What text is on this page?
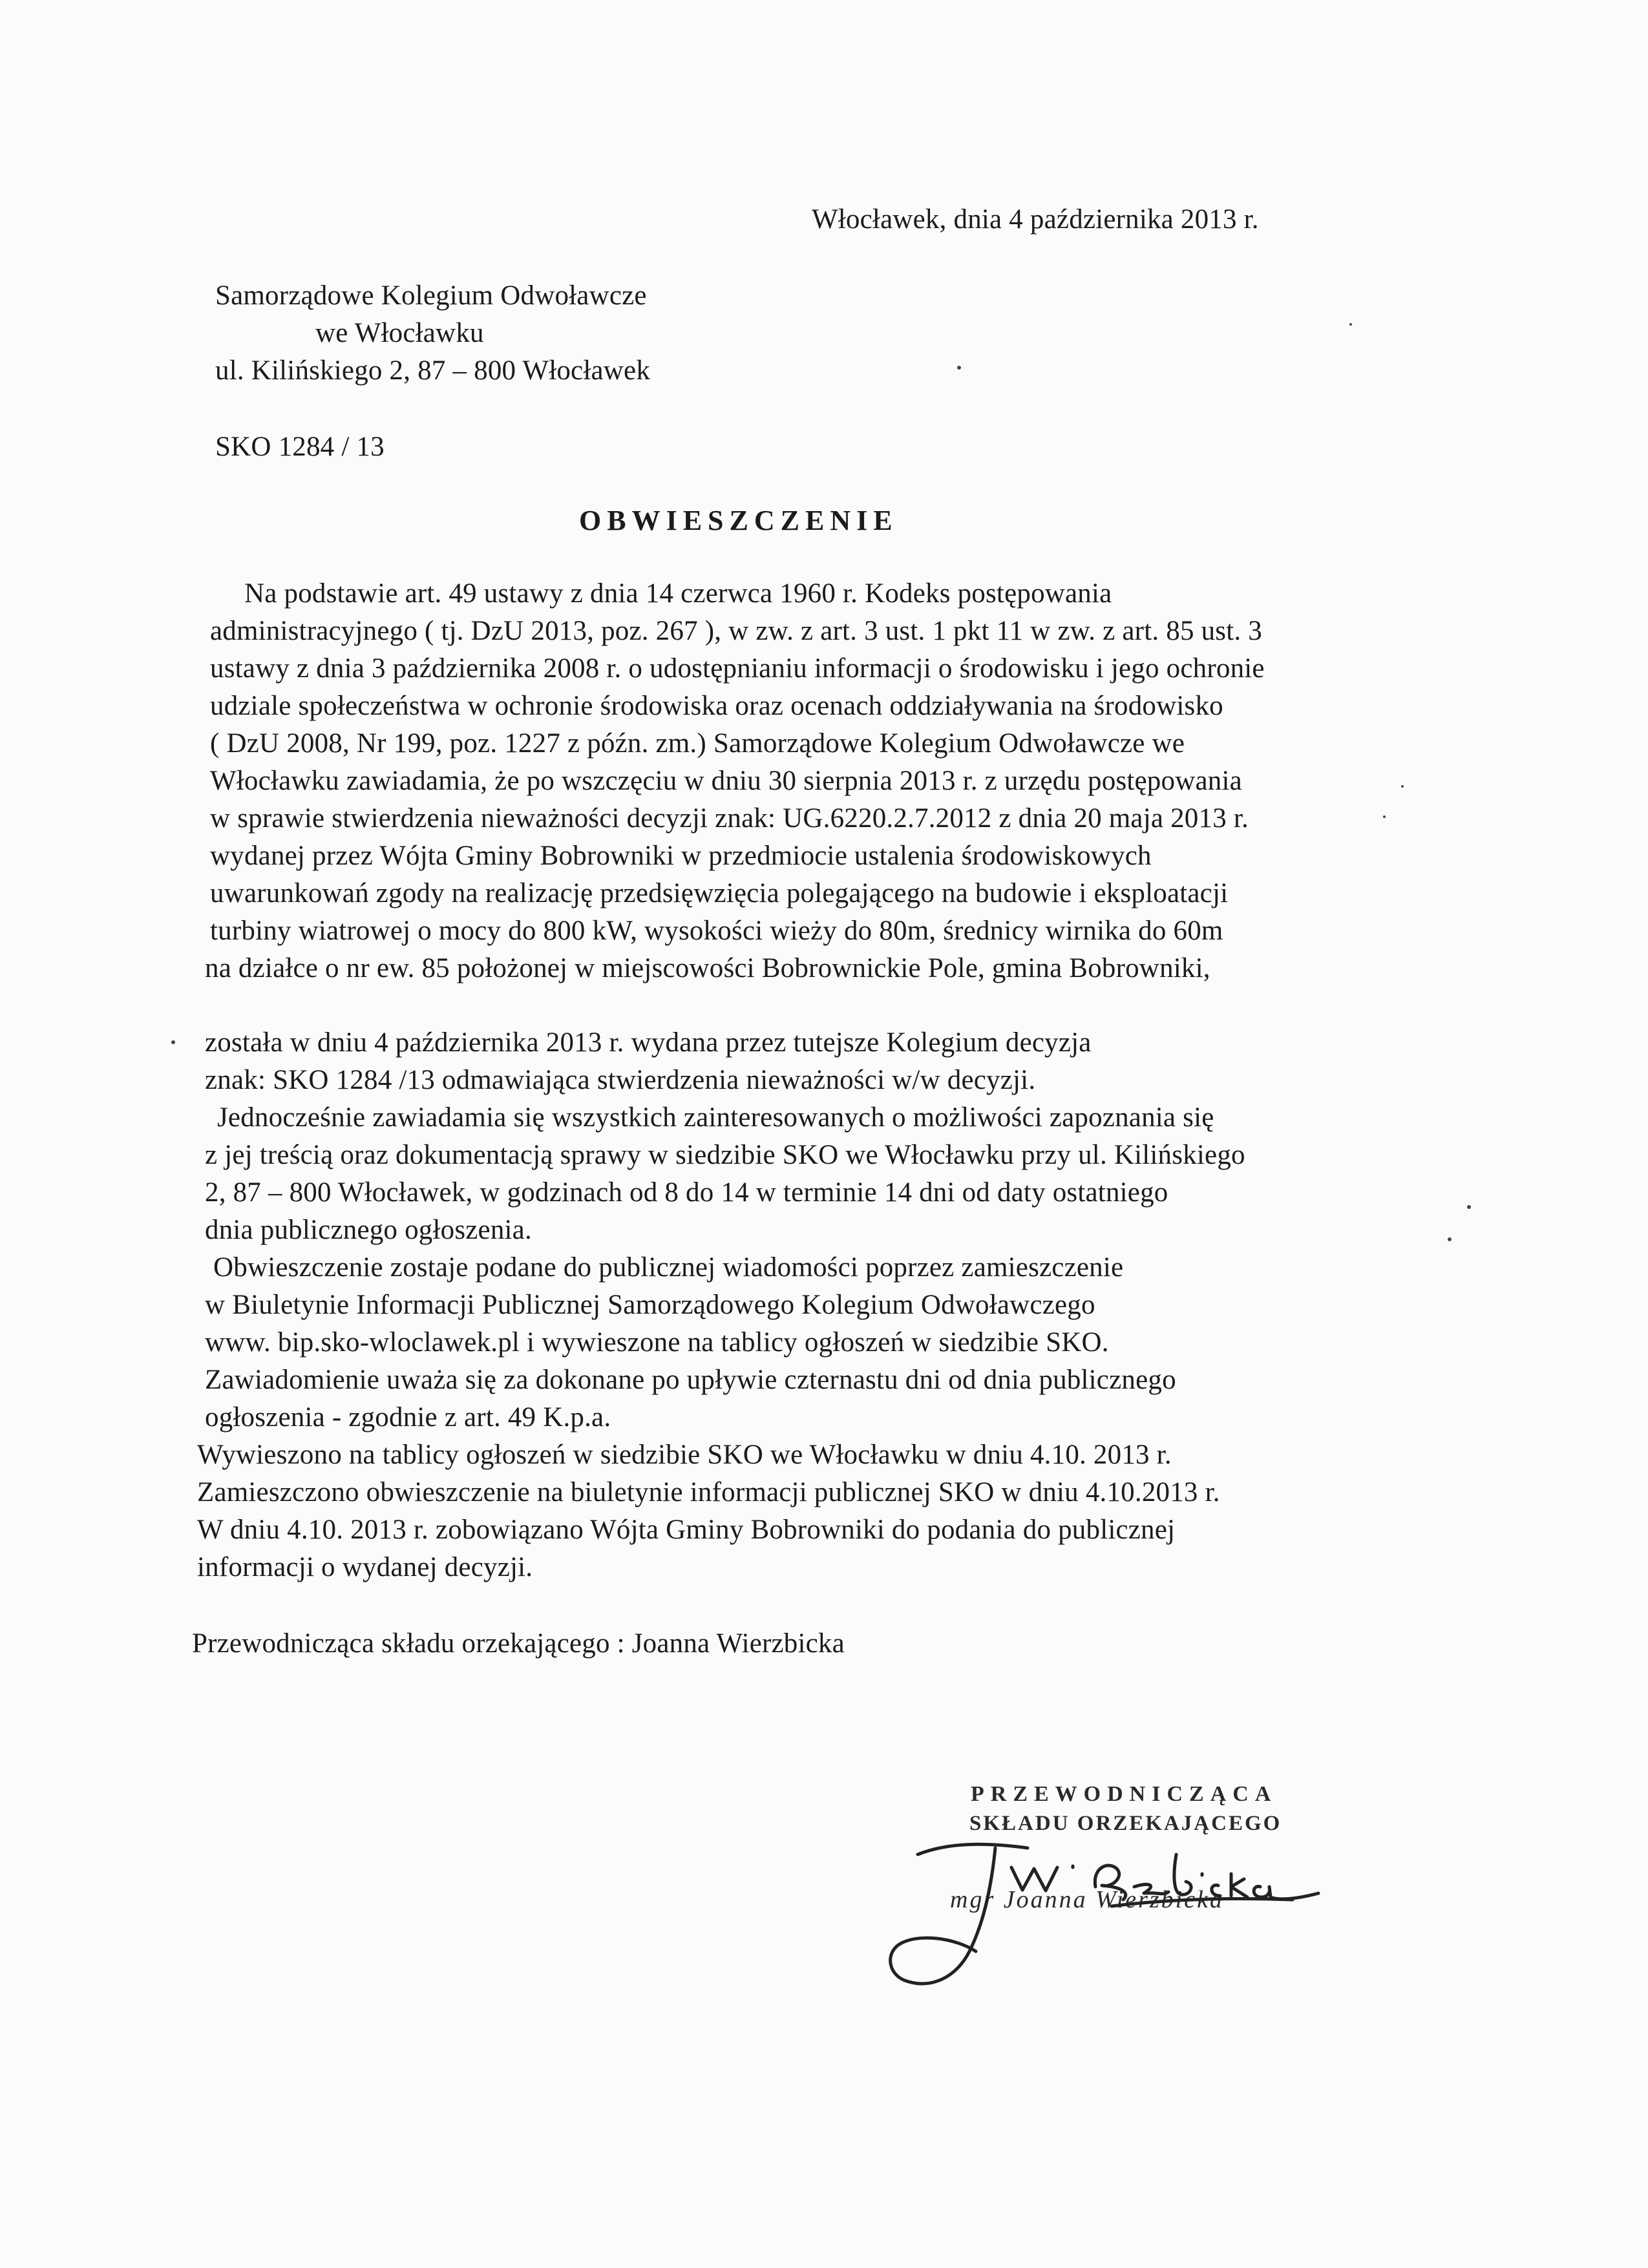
Włocławek, dnia 4 października 2013 r.
Samorządowe Kolegium Odwoławcze
we Włocławku
ul. Kilińskiego 2, 87 – 800 Włocławek
SKO 1284 / 13
OBWIESZCZENIE
Na podstawie art. 49 ustawy z dnia 14 czerwca 1960 r. Kodeks postępowania
administracyjnego ( tj. DzU 2013, poz. 267 ), w zw. z art. 3 ust. 1 pkt 11 w zw. z art. 85 ust. 3
ustawy z dnia 3 października 2008 r. o udostępnianiu informacji o środowisku i jego ochronie
udziale społeczeństwa w ochronie środowiska oraz ocenach oddziaływania na środowisko
( DzU 2008, Nr 199, poz. 1227 z późn. zm.) Samorządowe Kolegium Odwoławcze we
Włocławku zawiadamia, że po wszczęciu w dniu 30 sierpnia 2013 r. z urzędu postępowania
w sprawie stwierdzenia nieważności decyzji znak: UG.6220.2.7.2012 z dnia 20 maja 2013 r.
wydanej przez Wójta Gminy Bobrowniki w przedmiocie ustalenia środowiskowych
uwarunkowań zgody na realizację przedsięwzięcia polegającego na budowie i eksploatacji
turbiny wiatrowej o mocy do 800 kW, wysokości wieży do 80m, średnicy wirnika do 60m
na działce o nr ew. 85 położonej w miejscowości Bobrownickie Pole, gmina Bobrowniki,
została w dniu 4 października 2013 r. wydana przez tutejsze Kolegium decyzja
znak: SKO 1284 /13 odmawiająca stwierdzenia nieważności w/w decyzji.
Jednocześnie zawiadamia się wszystkich zainteresowanych o możliwości zapoznania się
z jej treścią oraz dokumentacją sprawy w siedzibie SKO we Włocławku przy ul. Kilińskiego
2, 87 – 800 Włocławek, w godzinach od 8 do 14 w terminie 14 dni od daty ostatniego
dnia publicznego ogłoszenia.
Obwieszczenie zostaje podane do publicznej wiadomości poprzez zamieszczenie
w Biuletynie Informacji Publicznej Samorządowego Kolegium Odwoławczego
www. bip.sko-wloclawek.pl i wywieszone na tablicy ogłoszeń w siedzibie SKO.
Zawiadomienie uważa się za dokonane po upływie czternastu dni od dnia publicznego
ogłoszenia - zgodnie z art. 49 K.p.a.
Wywieszono na tablicy ogłoszeń w siedzibie SKO we Włocławku w dniu 4.10. 2013 r.
Zamieszczono obwieszczenie na biuletynie informacji publicznej SKO w dniu 4.10.2013 r.
W dniu 4.10. 2013 r. zobowiązano Wójta Gminy Bobrowniki do podania do publicznej
informacji o wydanej decyzji.
Przewodnicząca składu orzekającego : Joanna Wierzbicka
PRZEWODNICZĄCA
SKŁADU ORZEKAJĄCEGO
mgr Joanna Wierzbicka
